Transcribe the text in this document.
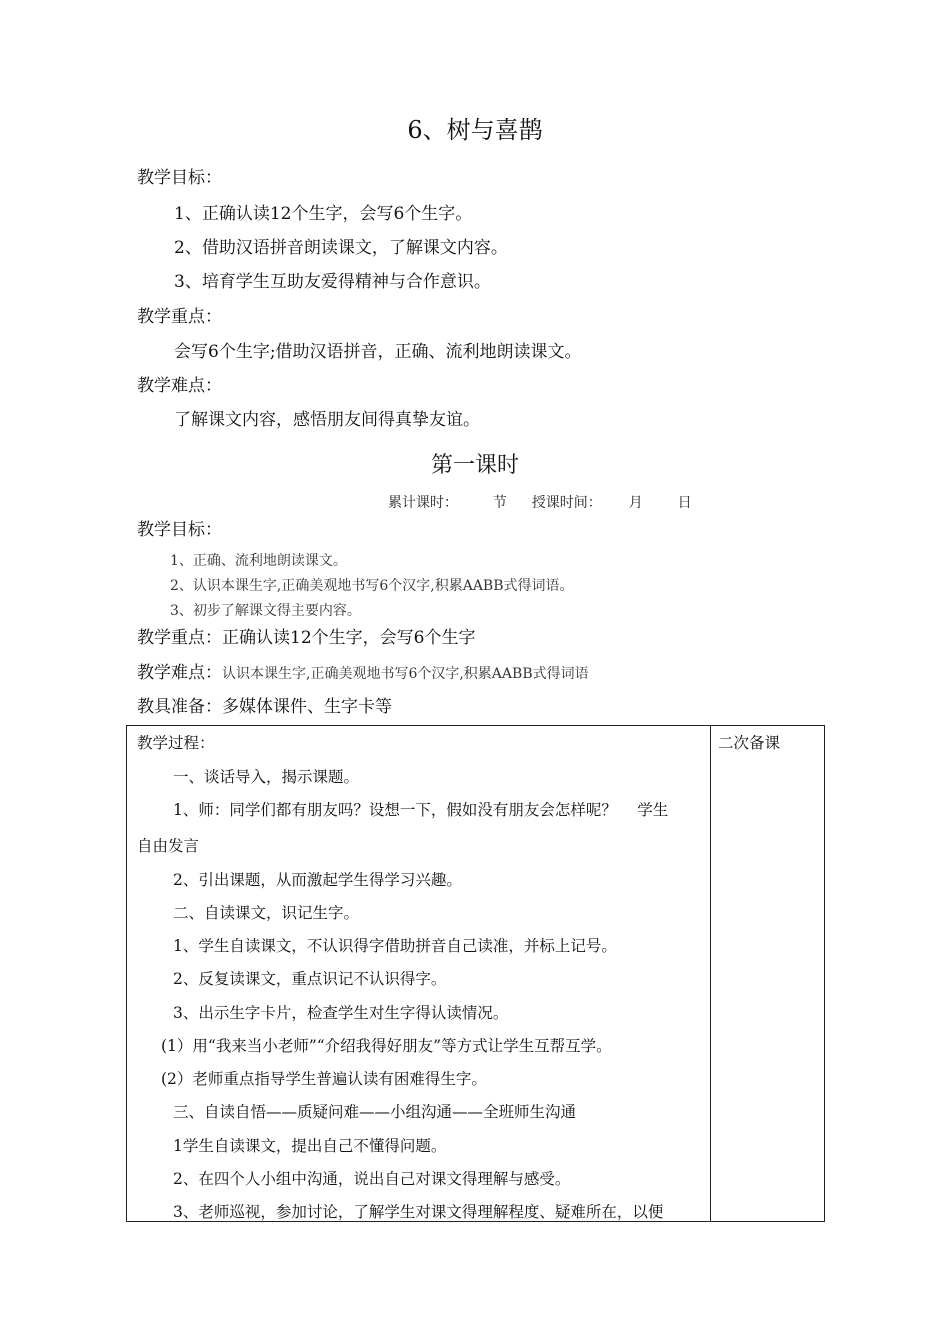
6、树与喜鹊
教学目标：
1、正确认读12个生字，会写6个生字。
2、借助汉语拼音朗读课文，了解课文内容。
3、培育学生互助友爱得精神与合作意识。
教学重点：
会写6个生字;借助汉语拼音，正确、流利地朗读课文。
教学难点：
了解课文内容，感悟朋友间得真挚友谊。
第一课时
累计课时： 节 授课时间： 月 日
教学目标：
1、正确、流利地朗读课文。
2、认识本课生字,正确美观地书写6个汉字,积累AABB式得词语。
3、初步了解课文得主要内容。
教学重点：正确认读12个生字，会写6个生字
教学难点：认识本课生字,正确美观地书写6个汉字,积累AABB式得词语
教具准备：多媒体课件、生字卡等
教学过程：
一、谈话导入，揭示课题。
1、师：同学们都有朋友吗？设想一下，假如没有朋友会怎样呢？　 学生
自由发言
2、引出课题，从而激起学生得学习兴趣。
二、自读课文，识记生字。
1、学生自读课文，不认识得字借助拼音自己读准，并标上记号。
2、反复读课文，重点识记不认识得字。
3、出示生字卡片，检查学生对生字得认读情况。
(1）用“我来当小老师”“介绍我得好朋友”等方式让学生互帮互学。
(2）老师重点指导学生普遍认读有困难得生字。
三、自读自悟——质疑问难——小组沟通——全班师生沟通
1学生自读课文，提出自己不懂得问题。
2、在四个人小组中沟通，说出自己对课文得理解与感受。
3、老师巡视，参加讨论，了解学生对课文得理解程度、疑难所在，以便

二次备课
